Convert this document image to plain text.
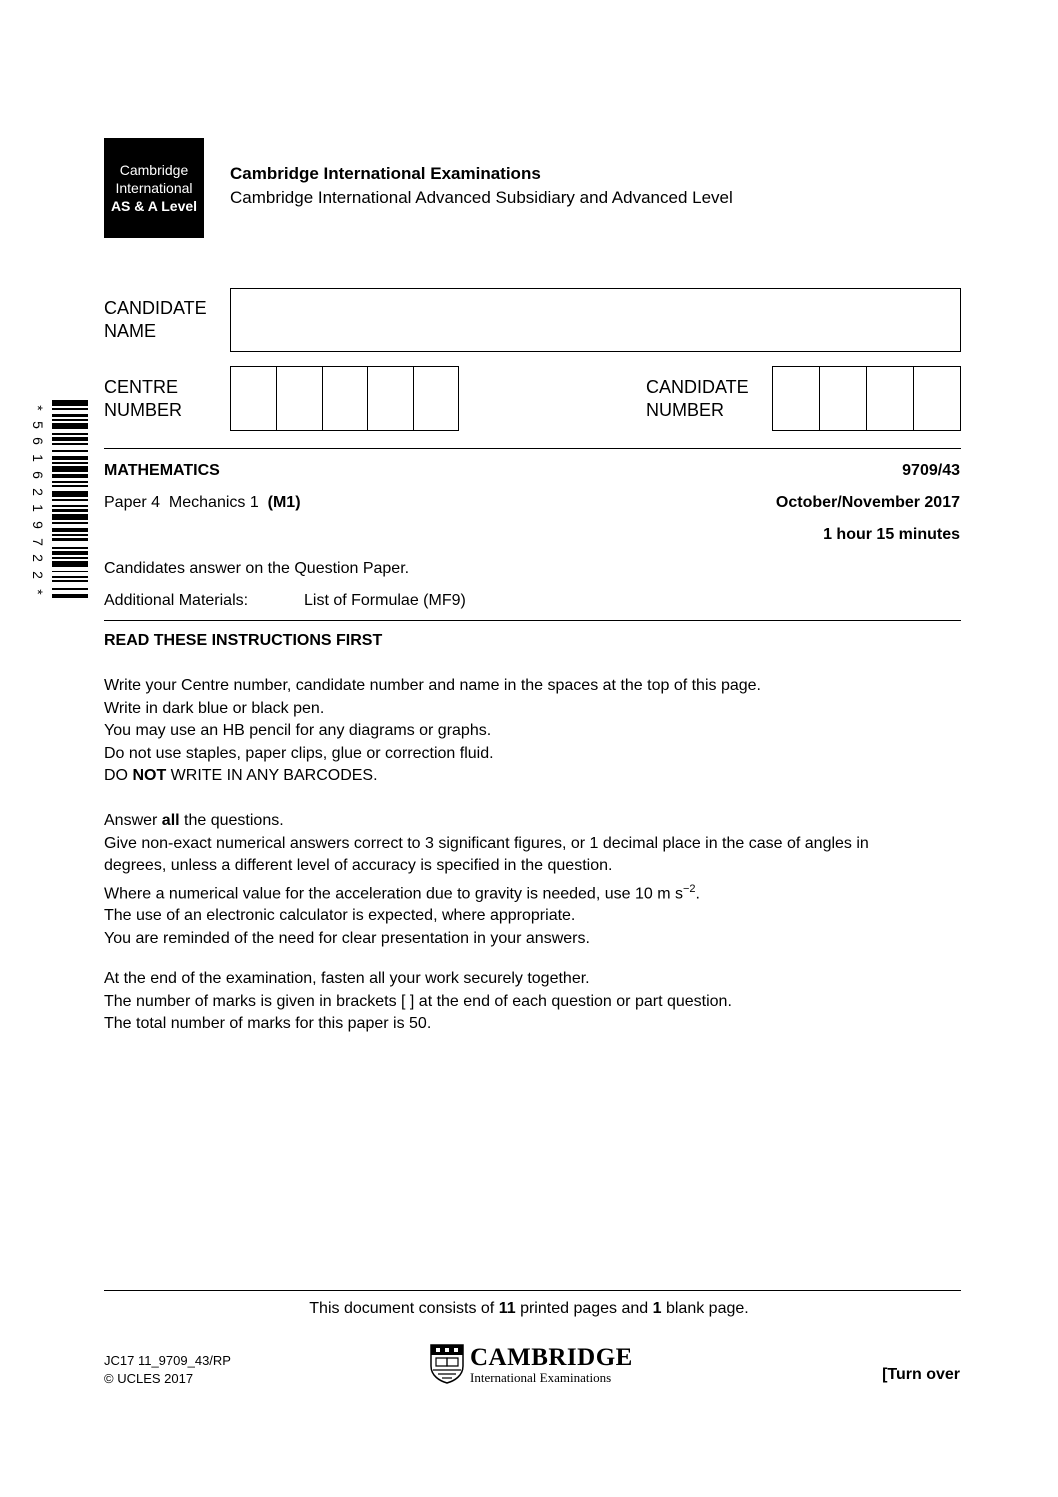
Cambridge
International
AS & A Level
Cambridge International Examinations
Cambridge International Advanced Subsidiary and Advanced Level
CANDIDATE
NAME
CENTRE
NUMBER
CANDIDATE
NUMBER
*
5
6
1
6
2
1
9
7
2
2
*
MATHEMATICS	9709/43
Paper 4  Mechanics 1  (M1)	October/November 2017
1 hour 15 minutes
Candidates answer on the Question Paper.
Additional Materials:	List of Formulae (MF9)
READ THESE INSTRUCTIONS FIRST
Write your Centre number, candidate number and name in the spaces at the top of this page.
Write in dark blue or black pen.
You may use an HB pencil for any diagrams or graphs.
Do not use staples, paper clips, glue or correction fluid.
DO NOT WRITE IN ANY BARCODES.
Answer all the questions.
Give non-exact numerical answers correct to 3 significant figures, or 1 decimal place in the case of angles in
degrees, unless a different level of accuracy is specified in the question.
Where a numerical value for the acceleration due to gravity is needed, use 10 m $s^{-2}$.
The use of an electronic calculator is expected, where appropriate.
You are reminded of the need for clear presentation in your answers.
At the end of the examination, fasten all your work securely together.
The number of marks is given in brackets [ ] at the end of each question or part question.
The total number of marks for this paper is 50.
This document consists of 11 printed pages and 1 blank page.
JC17 11_9709_43/RP
© UCLES 2017
CAMBRIDGE
International Examinations	[Turn over
